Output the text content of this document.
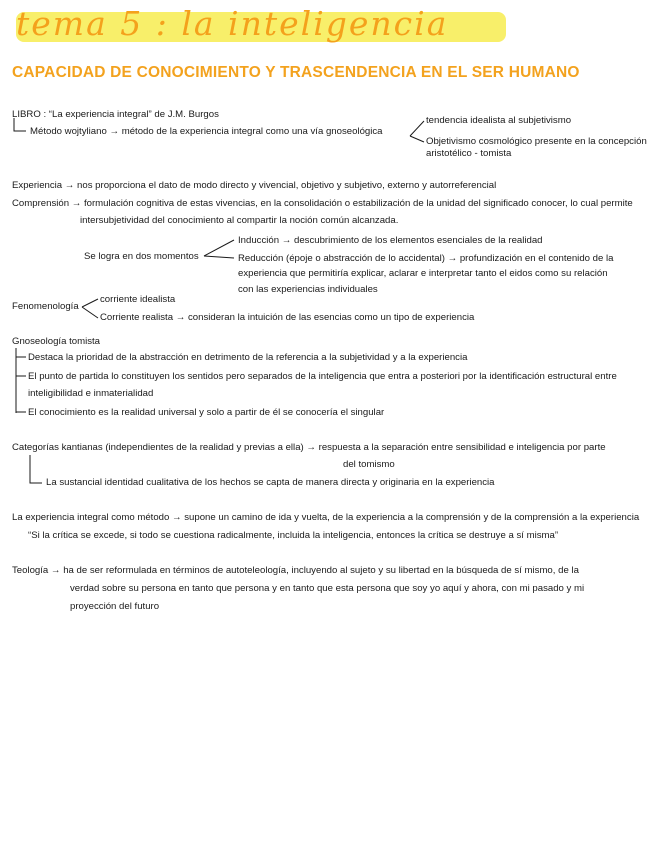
tema 5 : la inteligencia
CAPACIDAD DE CONOCIMIENTO Y TRASCENDENCIA EN EL SER HUMANO
LIBRO : “La experiencia integral” de J.M. Burgos
Método wojtyliano → método de la experiencia integral como una vía gnoseológica
tendencia idealista al subjetivismo
Objetivismo cosmológico presente en la concepción
aristotélico - tomista
Experiencia → nos proporciona el dato de modo directo y vivencial, objetivo y subjetivo, externo y autorreferencial
Comprensión → formulación cognitiva de estas vivencias, en la consolidación o estabilización de la unidad del significado conocer, lo cual permite
intersubjetividad del conocimiento al compartir la noción común alcanzada.
Se logra en dos momentos
Inducción → descubrimiento de los elementos esenciales de la realidad
Reducción (époje o abstracción de lo accidental) → profundización en el contenido de la
experiencia que permitiría explicar, aclarar e interpretar tanto el eidos como su relación
con las experiencias individuales
Fenomenología
corriente idealista
Corriente realista → consideran la intuición de las esencias como un tipo de experiencia
Gnoseología tomista
Destaca la prioridad de la abstracción en detrimento de la referencia a la subjetividad y a la experiencia
El punto de partida lo constituyen los sentidos pero separados de la inteligencia que entra a posteriori por la identificación estructural entre
inteligibilidad e inmaterialidad
El conocimiento es la realidad universal y solo a partir de él se conocería el singular
Categorías kantianas (independientes de la realidad y previas a ella) → respuesta a la separación entre sensibilidad e inteligencia por parte
del tomismo
La sustancial identidad cualitativa de los hechos se capta de manera directa y originaria en la experiencia
La experiencia integral como método → supone un camino de ida y vuelta, de la experiencia a la comprensión y de la comprensión a la experiencia
“Si la crítica se excede, si todo se cuestiona radicalmente, incluida la inteligencia, entonces la crítica se destruye a sí misma”
Teología → ha de ser reformulada en términos de autoteleología, incluyendo al sujeto y su libertad en la búsqueda de sí mismo, de la
verdad sobre su persona en tanto que persona y en tanto que esta persona que soy yo aquí y ahora, con mi pasado y mi
proyección del futuro
